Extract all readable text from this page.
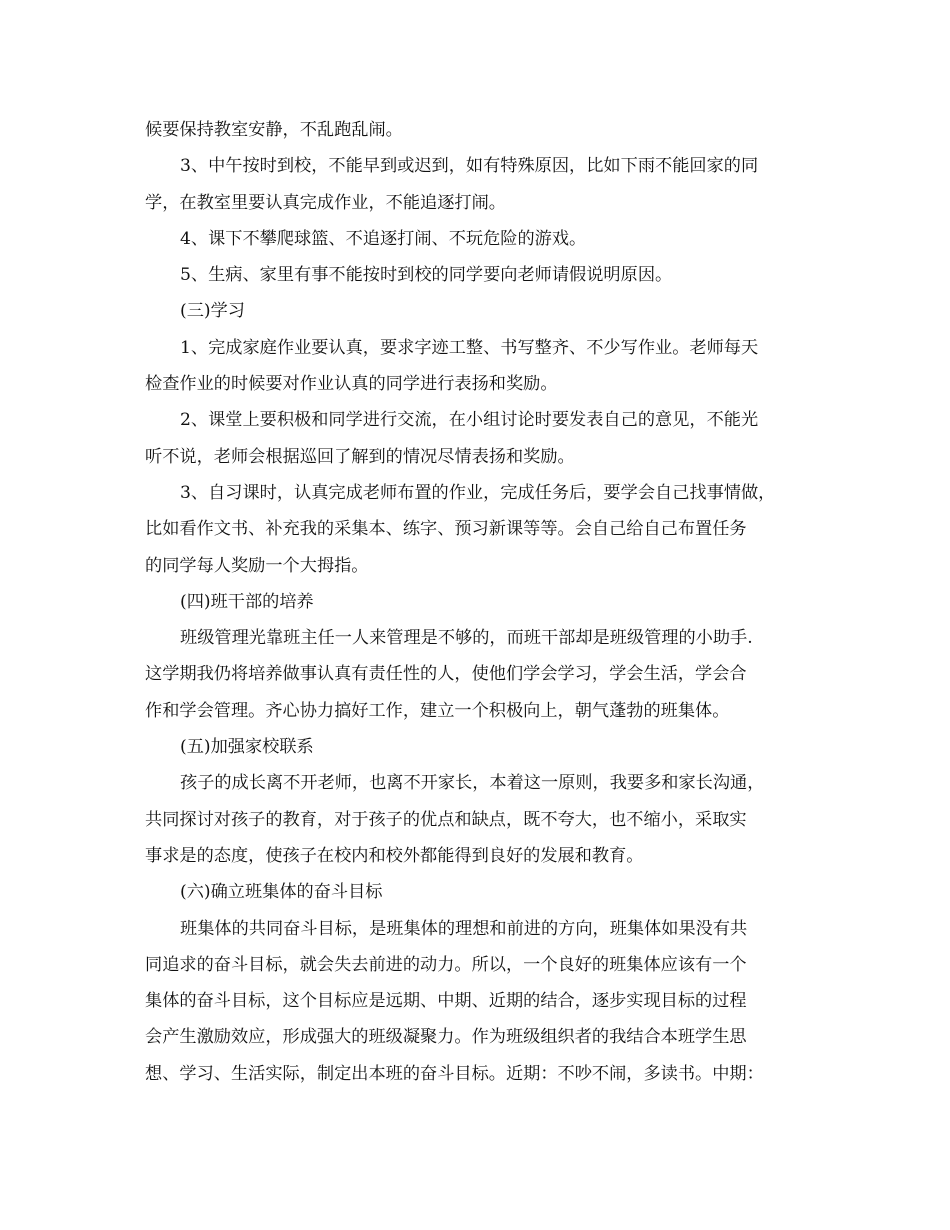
候要保持教室安静，不乱跑乱闹。
3、中午按时到校，不能早到或迟到，如有特殊原因，比如下雨不能回家的同
学，在教室里要认真完成作业，不能追逐打闹。
4、课下不攀爬球篮、不追逐打闹、不玩危险的游戏。
5、生病、家里有事不能按时到校的同学要向老师请假说明原因。
(三)学习
1、完成家庭作业要认真，要求字迹工整、书写整齐、不少写作业。老师每天
检查作业的时候要对作业认真的同学进行表扬和奖励。
2、课堂上要积极和同学进行交流，在小组讨论时要发表自己的意见，不能光
听不说，老师会根据巡回了解到的情况尽情表扬和奖励。
3、自习课时，认真完成老师布置的作业，完成任务后，要学会自己找事情做，
比如看作文书、补充我的采集本、练字、预习新课等等。会自己给自己布置任务
的同学每人奖励一个大拇指。
(四)班干部的培养
班级管理光靠班主任一人来管理是不够的，而班干部却是班级管理的小助手.
这学期我仍将培养做事认真有责任性的人，使他们学会学习，学会生活，学会合
作和学会管理。齐心协力搞好工作，建立一个积极向上，朝气蓬勃的班集体。
(五)加强家校联系
孩子的成长离不开老师，也离不开家长，本着这一原则，我要多和家长沟通，
共同探讨对孩子的教育，对于孩子的优点和缺点，既不夸大，也不缩小，采取实
事求是的态度，使孩子在校内和校外都能得到良好的发展和教育。
(六)确立班集体的奋斗目标
班集体的共同奋斗目标，是班集体的理想和前进的方向，班集体如果没有共
同追求的奋斗目标，就会失去前进的动力。所以，一个良好的班集体应该有一个
集体的奋斗目标，这个目标应是远期、中期、近期的结合，逐步实现目标的过程
会产生激励效应，形成强大的班级凝聚力。作为班级组织者的我结合本班学生思
想、学习、生活实际，制定出本班的奋斗目标。近期：不吵不闹，多读书。中期：
